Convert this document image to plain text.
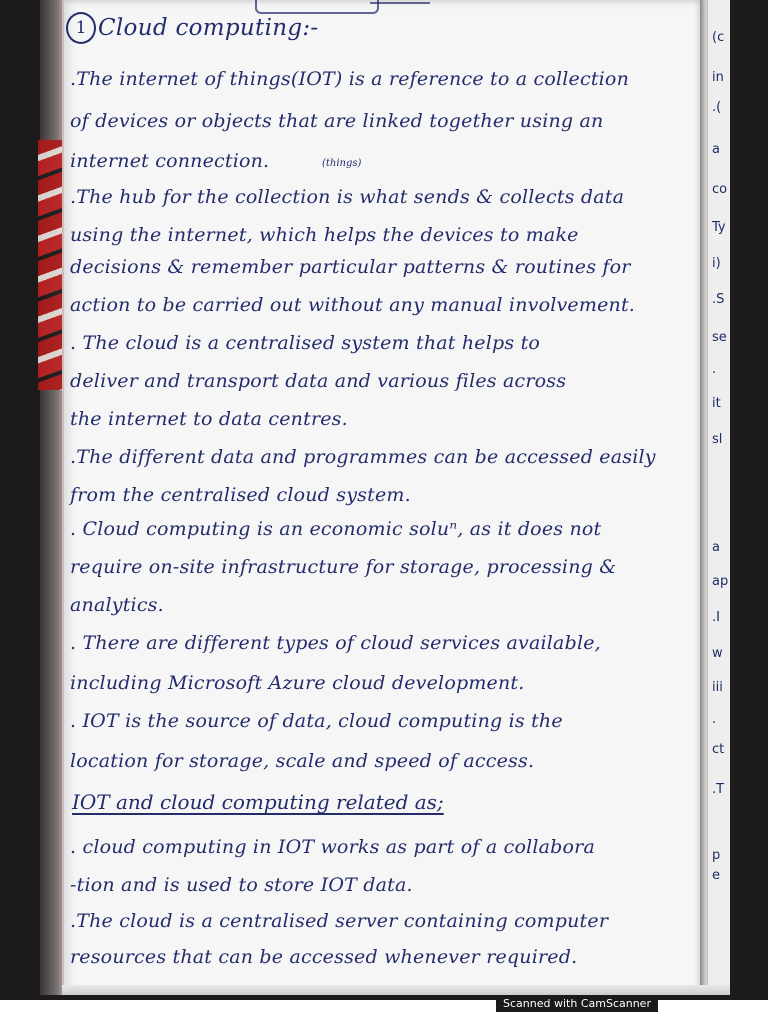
(c
in
.(
a
co
Ty
i)
.S
se
.
it
sl
a
ap
.I
w
iii
.
ct
.T
p
e
1 Cloud computing:-
(things)
.The internet of things(IOT) is a reference to a collection
of devices or objects that are linked together using an
internet connection.
.The hub for the collection is what sends & collects data
using the internet, which helps the devices to make
decisions & remember particular patterns & routines for
action to be carried out without any manual involvement.
. The cloud is a centralised system that helps to
deliver and transport data and various files across
the internet to data centres.
.The different data and programmes can be accessed easily
from the centralised cloud system.
. Cloud computing is an economic soluⁿ, as it does not
require on-site infrastructure for storage, processing &
analytics.
. There are different types of cloud services available,
including Microsoft Azure cloud development.
. IOT is the source of data, cloud computing is the
location for storage, scale and speed of access.
IOT and cloud computing related as;
. cloud computing in IOT works as part of a collabora
-tion and is used to store IOT data.
.The cloud is a centralised server containing computer
resources that can be accessed whenever required.
Scanned with CamScanner
